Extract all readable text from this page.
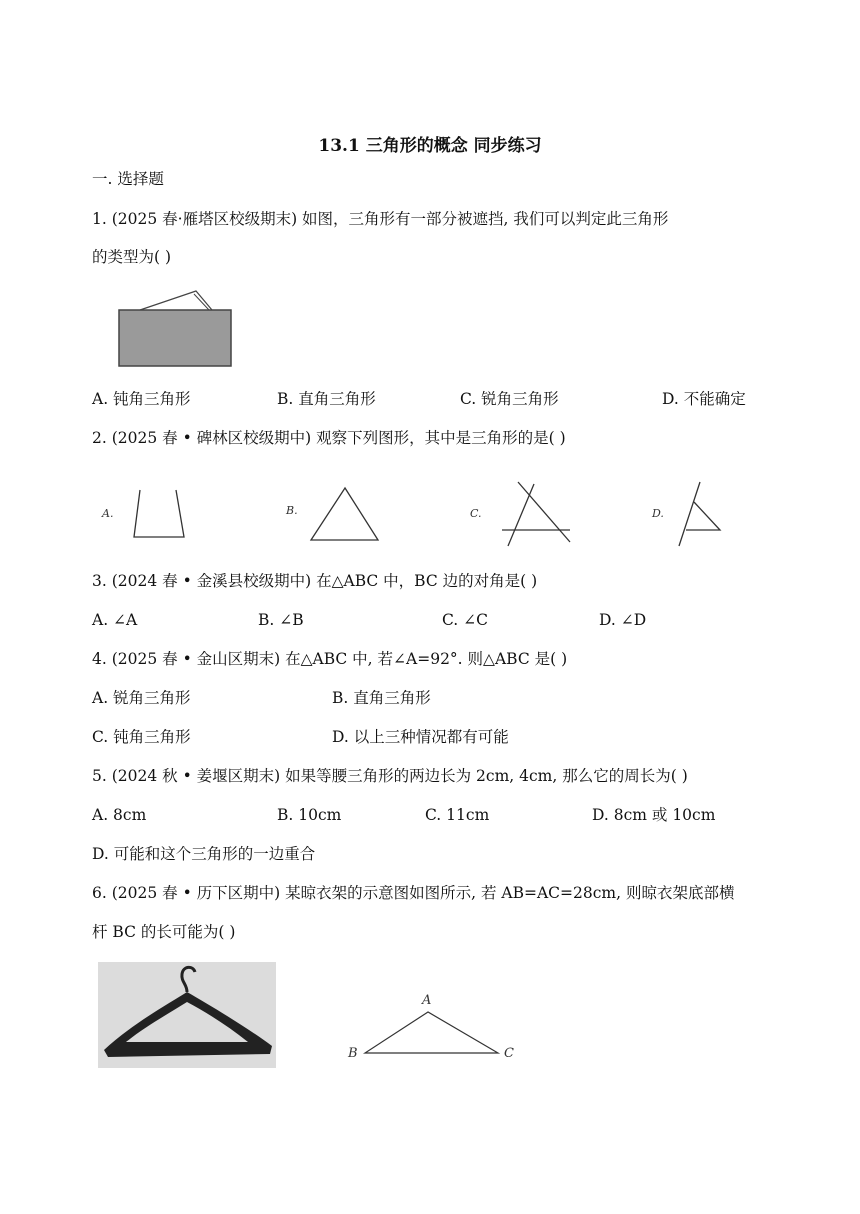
13.1 三角形的概念 同步练习
一. 选择题
1. (2025 春·雁塔区校级期末) 如图，三角形有一部分被遮挡, 我们可以判定此三角形
的类型为( )
A. 钝角三角形	B. 直角三角形	C. 锐角三角形	D. 不能确定
2. (2025 春 • 碑林区校级期中) 观察下列图形，其中是三角形的是( )
A.	B.	C.	D.
3. (2024 春 • 金溪县校级期中) 在△ABC 中，BC 边的对角是( )
A. ∠A	B. ∠B	C. ∠C	D. ∠D
4. (2025 春 • 金山区期末) 在△ABC 中, 若∠A=92°. 则△ABC 是( )
A. 锐角三角形	B. 直角三角形
C. 钝角三角形	D. 以上三种情况都有可能
5. (2024 秋 • 姜堰区期末) 如果等腰三角形的两边长为 2cm, 4cm, 那么它的周长为( )
A. 8cm	B. 10cm	C. 11cm	D. 8cm 或 10cm
D. 可能和这个三角形的一边重合
6. (2025 春 • 历下区期中) 某晾衣架的示意图如图所示, 若 AB=AC=28cm, 则晾衣架底部横
杆 BC 的长可能为( )
A
B	C
